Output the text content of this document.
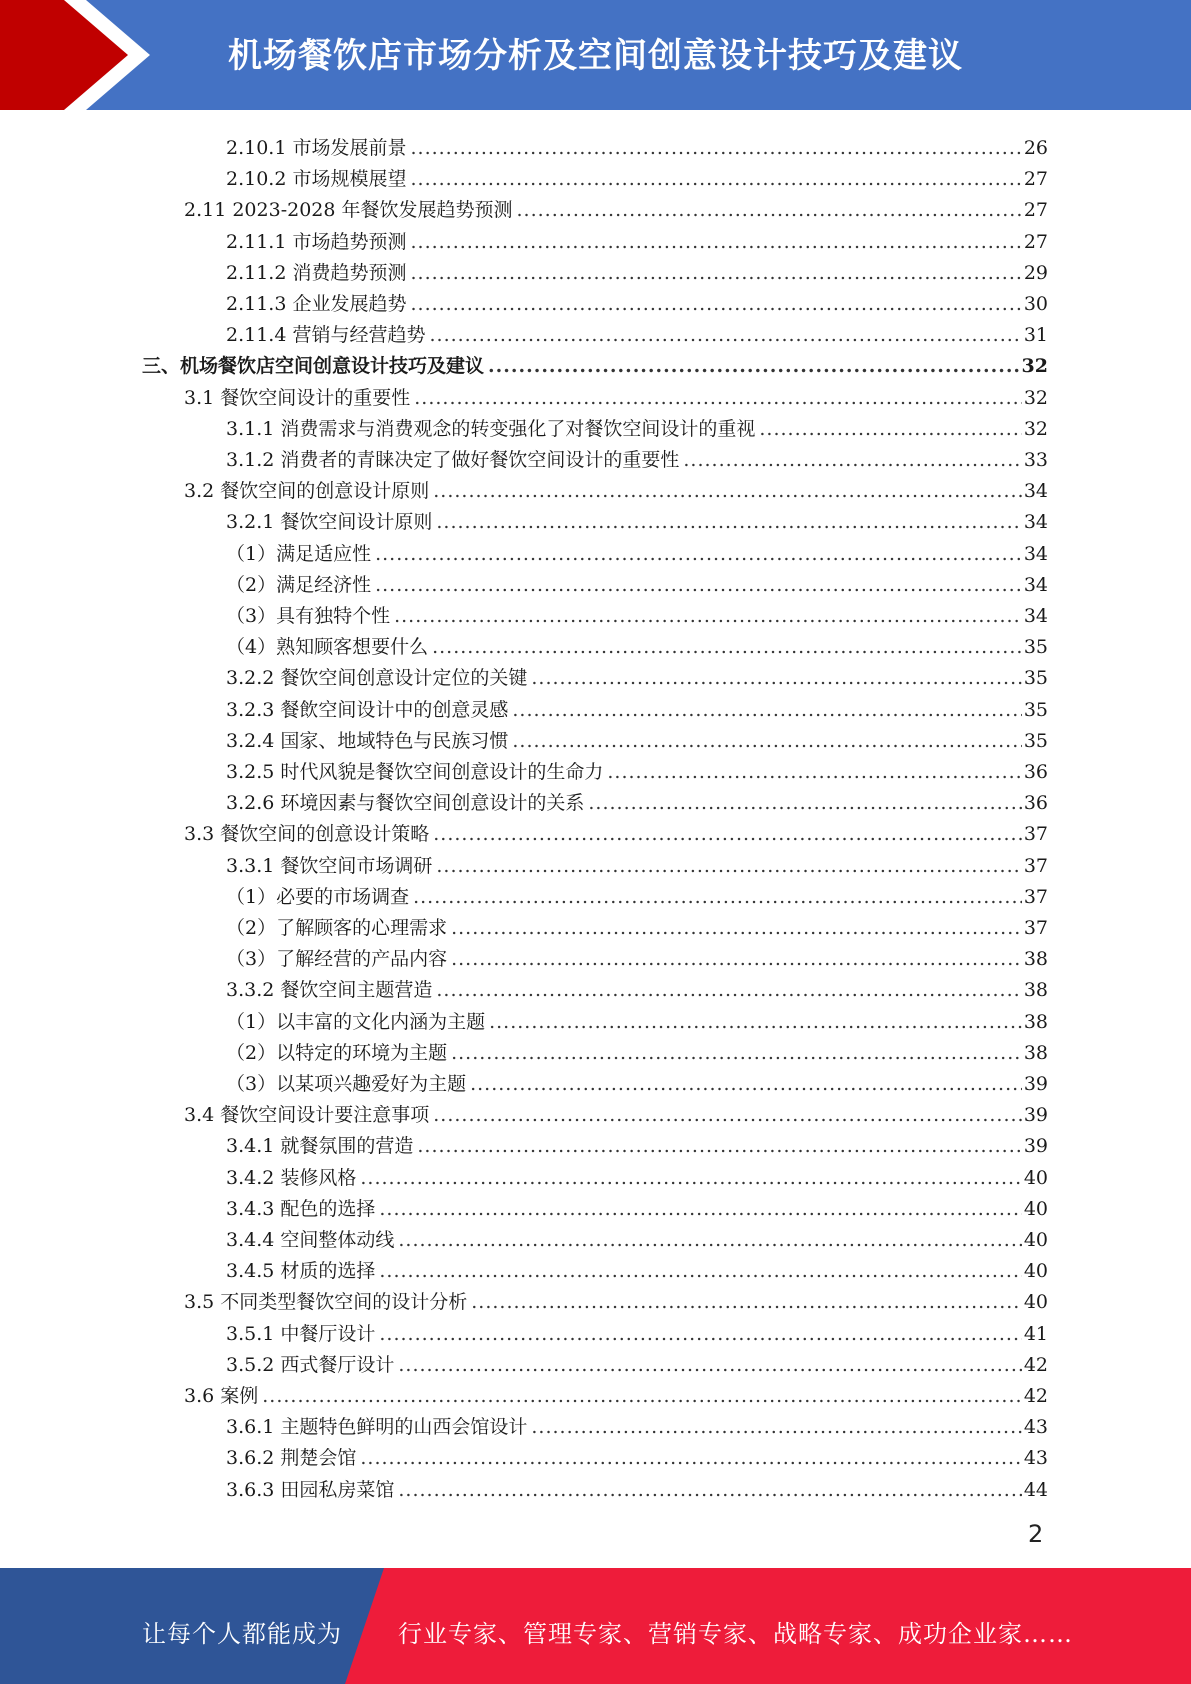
机场餐饮店市场分析及空间创意设计技巧及建议
2.10.1 市场发展前景 .....	26
2.10.2 市场规模展望 .....	27
2.11 2023-2028 年餐饮发展趋势预测 .....	27
2.11.1 市场趋势预测 .....	27
2.11.2 消费趋势预测 .....	29
2.11.3 企业发展趋势 .....	30
2.11.4 营销与经营趋势 .....	31
三、机场餐饮店空间创意设计技巧及建议 .....	32
3.1 餐饮空间设计的重要性 .....	32
3.1.1 消费需求与消费观念的转变强化了对餐饮空间设计的重视 .....	32
3.1.2 消费者的青睐决定了做好餐饮空间设计的重要性 .....	33
3.2 餐饮空间的创意设计原则 .....	34
3.2.1 餐饮空间设计原则 .....	34
（1）满足适应性 .....	34
（2）满足经济性 .....	34
（3）具有独特个性 .....	34
（4）熟知顾客想要什么 .....	35
3.2.2 餐饮空间创意设计定位的关键 .....	35
3.2.3 餐飲空间设计中的创意灵感 .....	35
3.2.4 国家、地域特色与民族习惯 .....	35
3.2.5 时代风貌是餐饮空间创意设计的生命力 .....	36
3.2.6 环境因素与餐饮空间创意设计的关系 .....	36
3.3 餐饮空间的创意设计策略 .....	37
3.3.1 餐饮空间市场调研 .....	37
（1）必要的市场调查 .....	37
（2）了解顾客的心理需求 .....	37
（3）了解经营的产品内容 .....	38
3.3.2 餐饮空间主题营造 .....	38
（1）以丰富的文化内涵为主题 .....	38
（2）以特定的环境为主题 .....	38
（3）以某项兴趣爱好为主题 .....	39
3.4 餐饮空间设计要注意事项 .....	39
3.4.1 就餐氛围的营造 .....	39
3.4.2 装修风格 .....	40
3.4.3 配色的选择 .....	40
3.4.4 空间整体动线 .....	40
3.4.5 材质的选择 .....	40
3.5 不同类型餐饮空间的设计分析 .....	40
3.5.1 中餐厅设计 .....	41
3.5.2 西式餐厅设计 .....	42
3.6 案例 .....	42
3.6.1 主题特色鲜明的山西会馆设计 .....	43
3.6.2 荆楚会馆 .....	43
3.6.3 田园私房菜馆 .....	44
2
让每个人都能成为 行业专家、管理专家、营销专家、战略专家、成功企业家……
